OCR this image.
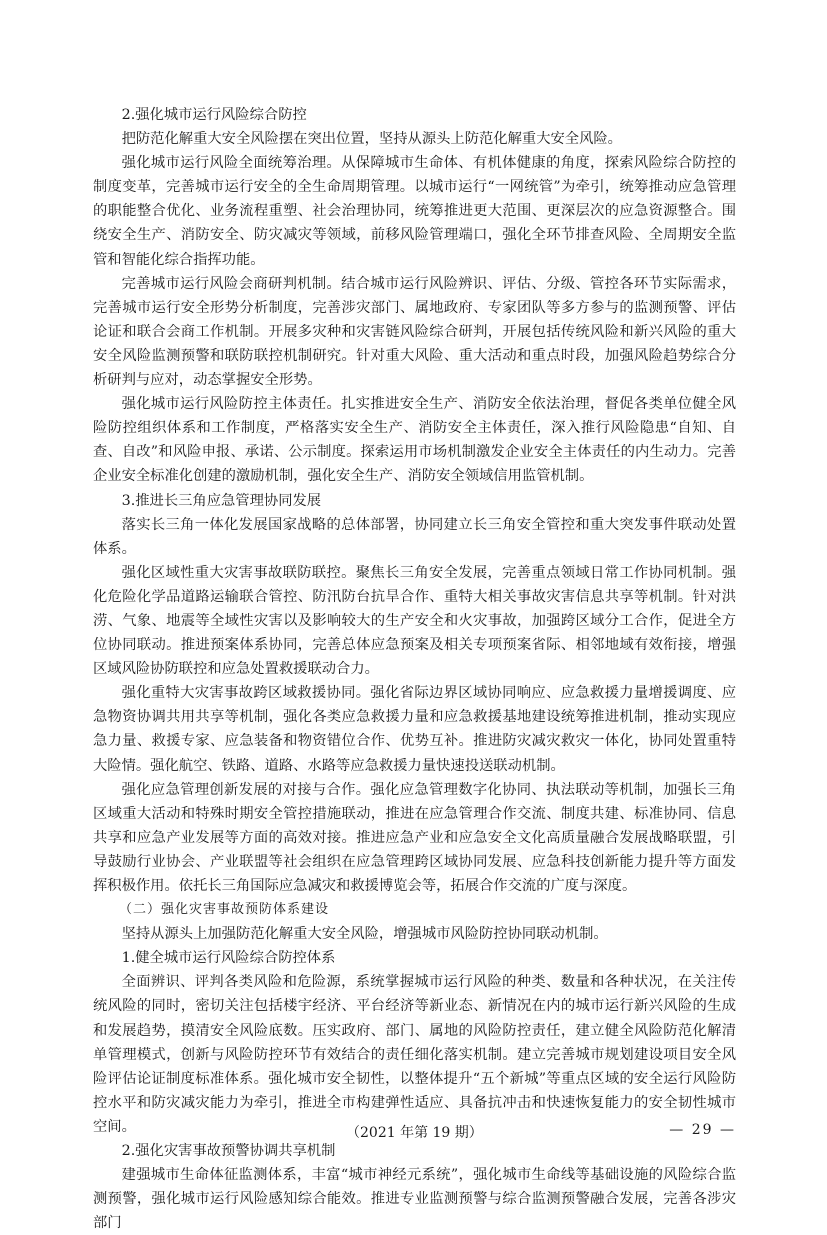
2.强化城市运行风险综合防控

把防范化解重大安全风险摆在突出位置，坚持从源头上防范化解重大安全风险。

强化城市运行风险全面统筹治理。从保障城市生命体、有机体健康的角度，探索风险综合防控的制度变革，完善城市运行安全的全生命周期管理。以城市运行“一网统管”为牵引，统筹推动应急管理的职能整合优化、业务流程重塑、社会治理协同，统筹推进更大范围、更深层次的应急资源整合。围绕安全生产、消防安全、防灾减灾等领域，前移风险管理端口，强化全环节排查风险、全周期安全监管和智能化综合指挥功能。

完善城市运行风险会商研判机制。结合城市运行风险辨识、评估、分级、管控各环节实际需求，完善城市运行安全形势分析制度，完善涉灾部门、属地政府、专家团队等多方参与的监测预警、评估论证和联合会商工作机制。开展多灾种和灾害链风险综合研判，开展包括传统风险和新兴风险的重大安全风险监测预警和联防联控机制研究。针对重大风险、重大活动和重点时段，加强风险趋势综合分析研判与应对，动态掌握安全形势。

强化城市运行风险防控主体责任。扎实推进安全生产、消防安全依法治理，督促各类单位健全风险防控组织体系和工作制度，严格落实安全生产、消防安全主体责任，深入推行风险隐患“自知、自查、自改”和风险申报、承诺、公示制度。探索运用市场机制激发企业安全主体责任的内生动力。完善企业安全标准化创建的激励机制，强化安全生产、消防安全领域信用监管机制。

3.推进长三角应急管理协同发展

落实长三角一体化发展国家战略的总体部署，协同建立长三角安全管控和重大突发事件联动处置体系。

强化区域性重大灾害事故联防联控。聚焦长三角安全发展，完善重点领域日常工作协同机制。强化危险化学品道路运输联合管控、防汛防台抗旱合作、重特大相关事故灾害信息共享等机制。针对洪涝、气象、地震等全域性灾害以及影响较大的生产安全和火灾事故，加强跨区域分工合作，促进全方位协同联动。推进预案体系协同，完善总体应急预案及相关专项预案省际、相邻地域有效衔接，增强区域风险协防联控和应急处置救援联动合力。

强化重特大灾害事故跨区域救援协同。强化省际边界区域协同响应、应急救援力量增援调度、应急物资协调共用共享等机制，强化各类应急救援力量和应急救援基地建设统筹推进机制，推动实现应急力量、救援专家、应急装备和物资错位合作、优势互补。推进防灾减灾救灾一体化，协同处置重特大险情。强化航空、铁路、道路、水路等应急救援力量快速投送联动机制。

强化应急管理创新发展的对接与合作。强化应急管理数字化协同、执法联动等机制，加强长三角区域重大活动和特殊时期安全管控措施联动，推进在应急管理合作交流、制度共建、标准协同、信息共享和应急产业发展等方面的高效对接。推进应急产业和应急安全文化高质量融合发展战略联盟，引导鼓励行业协会、产业联盟等社会组织在应急管理跨区域协同发展、应急科技创新能力提升等方面发挥积极作用。依托长三角国际应急减灾和救援博览会等，拓展合作交流的广度与深度。

（二）强化灾害事故预防体系建设

坚持从源头上加强防范化解重大安全风险，增强城市风险防控协同联动机制。

1.健全城市运行风险综合防控体系

全面辨识、评判各类风险和危险源，系统掌握城市运行风险的种类、数量和各种状况，在关注传统风险的同时，密切关注包括楼宇经济、平台经济等新业态、新情况在内的城市运行新兴风险的生成和发展趋势，摸清安全风险底数。压实政府、部门、属地的风险防控责任，建立健全风险防范化解清单管理模式，创新与风险防控环节有效结合的责任细化落实机制。建立完善城市规划建设项目安全风险评估论证制度标准体系。强化城市安全韧性，以整体提升“五个新城”等重点区域的安全运行风险防控水平和防灾减灾能力为牵引，推进全市构建弹性适应、具备抗冲击和快速恢复能力的安全韧性城市空间。

2.强化灾害事故预警协调共享机制

建强城市生命体征监测体系，丰富“城市神经元系统”，强化城市生命线等基础设施的风险综合监测预警，强化城市运行风险感知综合能效。推进专业监测预警与综合监测预警融合发展，完善各涉灾部门

（2021 年第 19 期）	— 29 —
